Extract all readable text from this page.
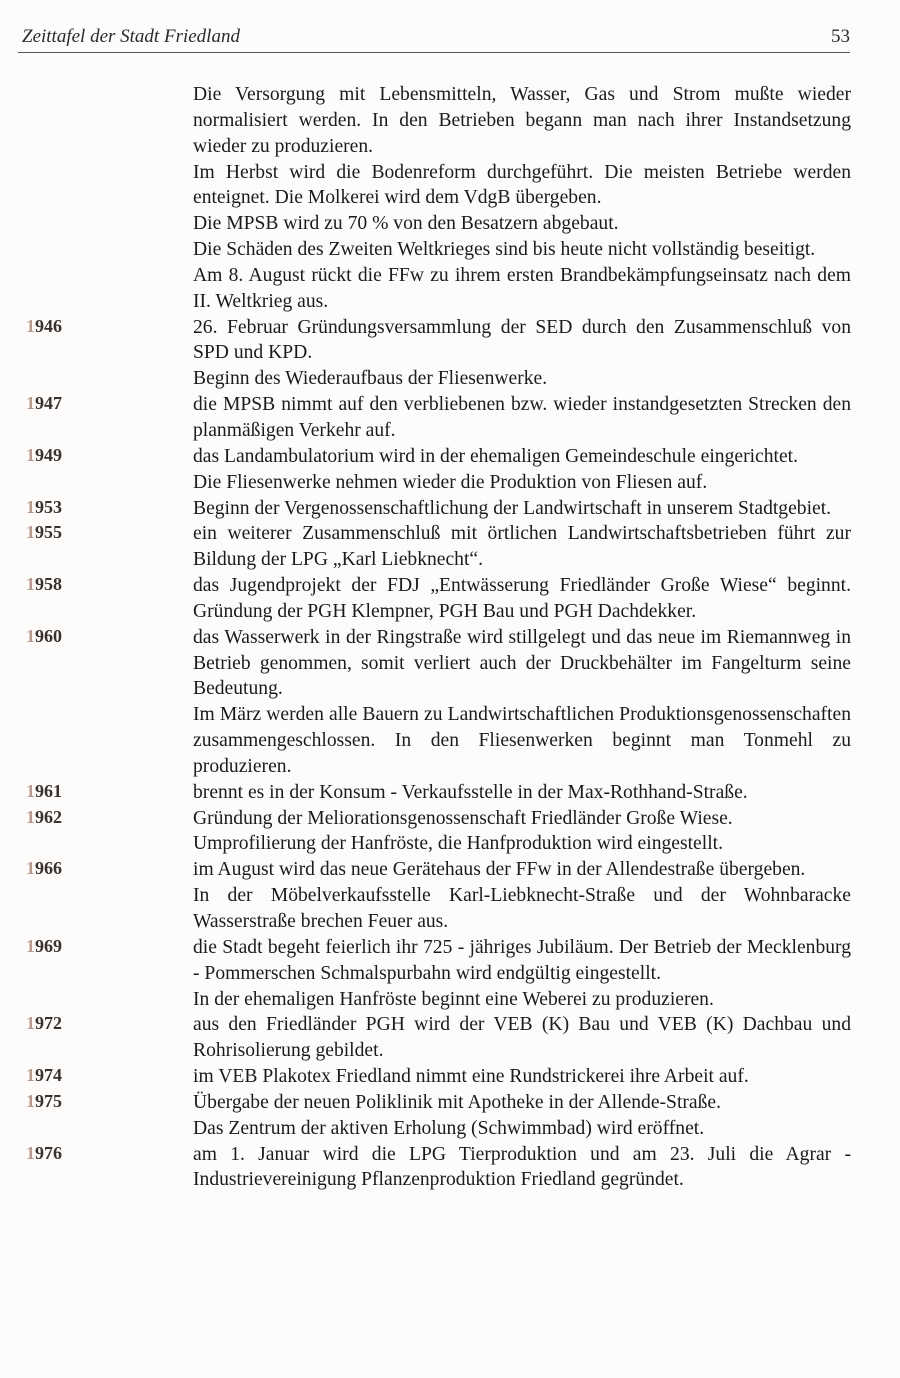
Zeittafel der Stadt Friedland	53

Die Versorgung mit Lebensmitteln, Wasser, Gas und Strom mußte wieder normalisiert werden. In den Betrieben begann man nach ihrer Instandsetzung wieder zu produzieren.

Im Herbst wird die Bodenreform durchgeführt. Die meisten Betriebe werden enteignet. Die Molkerei wird dem VdgB übergeben.

Die MPSB wird zu 70 % von den Besatzern abgebaut.

Die Schäden des Zweiten Weltkrieges sind bis heute nicht vollständig beseitigt.

Am 8. August rückt die FFw zu ihrem ersten Brandbekämpfungseinsatz nach dem II. Weltkrieg aus.

1946	26. Februar Gründungsversammlung der SED durch den Zusammenschluß von SPD und KPD.

Beginn des Wiederaufbaus der Fliesenwerke.

1947	die MPSB nimmt auf den verbliebenen bzw. wieder instandgesetzten Strecken den planmäßigen Verkehr auf.

1949	das Landambulatorium wird in der ehemaligen Gemeindeschule eingerichtet.

Die Fliesenwerke nehmen wieder die Produktion von Fliesen auf.

1953	Beginn der Vergenossenschaftlichung der Landwirtschaft in unserem Stadtgebiet.

1955	ein weiterer Zusammenschluß mit örtlichen Landwirtschaftsbetrieben führt zur Bildung der LPG „Karl Liebknecht“.

1958	das Jugendprojekt der FDJ „Entwässerung Friedländer Große Wiese“ beginnt. Gründung der PGH Klempner, PGH Bau und PGH Dachdekker.

1960	das Wasserwerk in der Ringstraße wird stillgelegt und das neue im Riemannweg in Betrieb genommen, somit verliert auch der Druckbehälter im Fangelturm seine Bedeutung.

Im März werden alle Bauern zu Landwirtschaftlichen Produktionsgenossenschaften zusammengeschlossen. In den Fliesenwerken beginnt man Tonmehl zu produzieren.

1961	brennt es in der Konsum - Verkaufsstelle in der Max-Rothhand-Straße.

1962	Gründung der Meliorationsgenossenschaft Friedländer Große Wiese.

Umprofilierung der Hanfröste, die Hanfproduktion wird eingestellt.

1966	im August wird das neue Gerätehaus der FFw in der Allendestraße übergeben.

In der Möbelverkaufsstelle Karl-Liebknecht-Straße und der Wohnbaracke Wasserstraße brechen Feuer aus.

1969	die Stadt begeht feierlich ihr 725 - jähriges Jubiläum. Der Betrieb der Mecklenburg - Pommerschen Schmalspurbahn wird endgültig eingestellt.

In der ehemaligen Hanfröste beginnt eine Weberei zu produzieren.

1972	aus den Friedländer PGH wird der VEB (K) Bau und VEB (K) Dachbau und Rohrisolierung gebildet.

1974	im VEB Plakotex Friedland nimmt eine Rundstrickerei ihre Arbeit auf.

1975	Übergabe der neuen Poliklinik mit Apotheke in der Allende-Straße.

Das Zentrum der aktiven Erholung (Schwimmbad) wird eröffnet.

1976	am 1. Januar wird die LPG Tierproduktion und am 23. Juli die Agrar - Industrievereinigung Pflanzenproduktion Friedland gegründet.
